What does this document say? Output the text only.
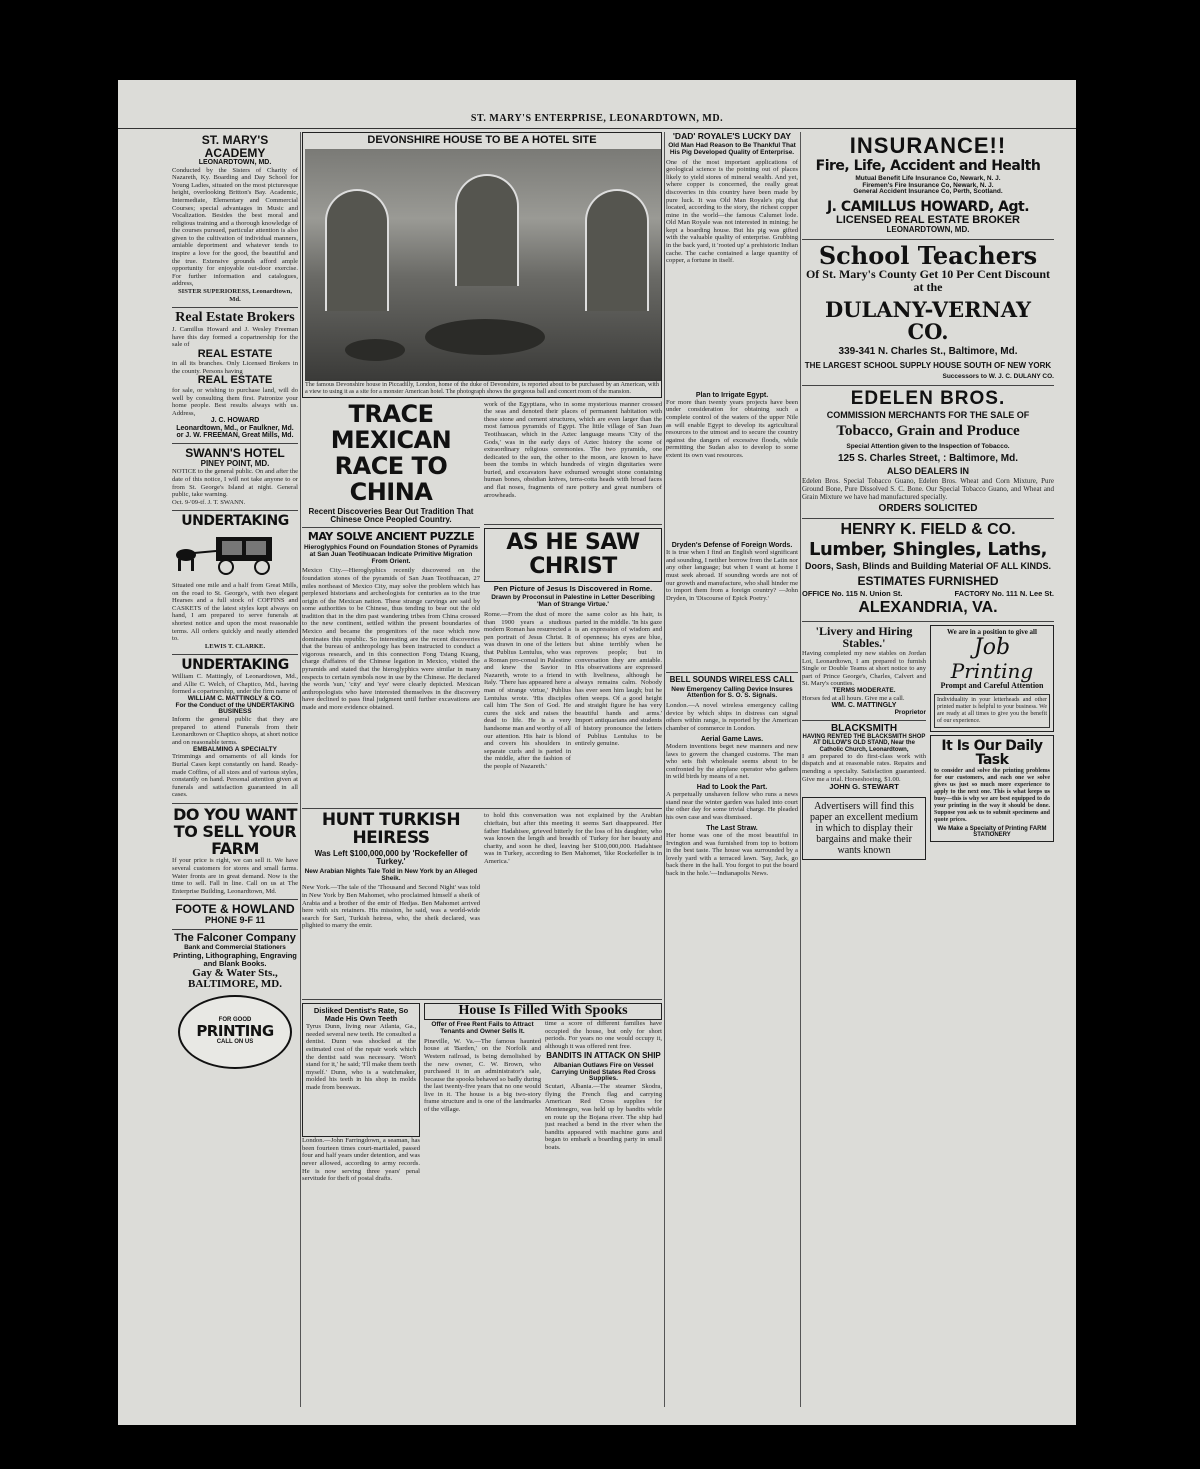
ST. MARY'S ENTERPRISE, LEONARDTOWN, MD.
ST. MARY'S ACADEMY
LEONARDTOWN, MD.
Conducted by the Sisters of Charity of Nazareth, Ky. Boarding and Day School for Young Ladies, situated on the most picturesque height, overlooking Britton's Bay. Academic, Intermediate, Elementary and Commercial Courses; special advantages in Music and Vocalization. Besides the best moral and religious training and a thorough knowledge of the courses pursued, particular attention is also given to the cultivation of individual manners, amiable deportment and whatever tends to inspire a love for the good, the beautiful and the true. Extensive grounds afford ample opportunity for enjoyable out-door exercise. For further information and catalogues, address,
SISTER SUPERIORESS, Leonardtown, Md.
Real Estate Brokers
J. Camillus Howard and J. Wesley Freeman have this day formed a copartnership for the sale of
REAL ESTATE
in all its branches. Only Licensed Brokers in the county. Persons having
REAL ESTATE
for sale, or wishing to purchase land, will do well by consulting them first. Patronize your home people. Best results always with us. Address,
J. C. HOWARD
Leonardtown, Md., or Faulkner, Md. or J. W. FREEMAN, Great Mills, Md.
SWANN'S HOTEL
PINEY POINT, MD.
NOTICE to the general public. On and after the date of this notice, I will not take anyone to or from St. George's Island at night. General public, take warning.
Oct. 9-'09-tf. J. T. SWANN.
UNDERTAKING
Situated one mile and a half from Great Mills, on the road to St. George's, with two elegant Hearses and a full stock of COFFINS and CASKETS of the latest styles kept always on hand, I am prepared to serve funerals at shortest notice and upon the most reasonable terms. All orders quickly and neatly attended to.
LEWIS T. CLARKE.
UNDERTAKING
William C. Mattingly, of Leonardtown, Md., and Allie C. Welch, of Chaptico, Md., having formed a copartnership, under the firm name of
WILLIAM C. MATTINGLY & CO.
For the Conduct of the UNDERTAKING BUSINESS
Inform the general public that they are prepared to attend Funerals from their Leonardtown or Chaptico shops, at short notice and on reasonable terms.
EMBALMING A SPECIALTY
Trimmings and ornaments of all kinds for Burial Cases kept constantly on hand. Ready-made Coffins, of all sizes and of various styles, constantly on hand. Personal attention given at funerals and satisfaction guaranteed in all cases.
DO YOU WANT TO SELL YOUR FARM
If your price is right, we can sell it. We have several customers for stores and small farms. Water fronts are in great demand. Now is the time to sell. Fall in line. Call on us at The Enterprise Building, Leonardtown, Md.
FOOTE & HOWLAND
PHONE 9-F 11
The Falconer Company
Bank and Commercial Stationers
Printing, Lithographing, Engraving and Blank Books.
Gay & Water Sts., BALTIMORE, MD.
FOR GOOD
PRINTING
CALL ON US
DEVONSHIRE HOUSE TO BE A HOTEL SITE
The famous Devonshire house in Piccadilly, London, home of the duke of Devonshire, is reported about to be purchased by an American, with a view to using it as a site for a monster American hotel. The photograph shows the gorgeous ball and concert room of the mansion.
TRACE MEXICAN RACE TO CHINA
Recent Discoveries Bear Out Tradition That Chinese Once Peopled Country.
MAY SOLVE ANCIENT PUZZLE
Hieroglyphics Found on Foundation Stones of Pyramids at San Juan Teotihuacan Indicate Primitive Migration From Orient.
Mexico City.—Hieroglyphics recently discovered on the foundation stones of the pyramids of San Juan Teotihuacan, 27 miles northeast of Mexico City, may solve the problem which has perplexed historians and archeologists for centuries as to the true origin of the Mexican nation. These strange carvings are said by some authorities to be Chinese, thus tending to bear out the old tradition that in the dim past wandering tribes from China crossed to the new continent, settled within the present boundaries of Mexico and became the progenitors of the race which now dominates this republic. So interesting are the recent discoveries that the bureau of anthropology has been instructed to conduct a vigorous research, and in this connection Fong Tsiang Kuang, charge d'affaires of the Chinese legation in Mexico, visited the pyramids and stated that the hieroglyphics were similar in many respects to certain symbols now in use by the Chinese. He declared the words 'sun,' 'city' and 'eye' were clearly depicted. Mexican anthropologists who have interested themselves in the discovery have declined to pass final judgment until further excavations are made and more evidence obtained.
work of the Egyptians, who in some mysterious manner crossed the seas and denoted their places of permanent habitation with these stone and cement structures, which are even larger than the most famous pyramids of Egypt. The little village of San Juan Teotihuacan, which in the Aztec language means 'City of the Gods,' was in the early days of Aztec history the scene of extraordinary religious ceremonies. The two pyramids, one dedicated to the sun, the other to the moon, are known to have been the tombs in which hundreds of virgin dignitaries were buried, and excavators have exhumed wrought stone containing human bones, obsidian knives, terra-cotta heads with broad faces and flat noses, fragments of rare pottery and great numbers of arrowheads.
AS HE SAW CHRIST
Pen Picture of Jesus Is Discovered in Rome.
Drawn by Proconsul in Palestine in Letter Describing 'Man of Strange Virtue.'
Rome.—From the dust of more than 1900 years a studious modern Roman has resurrected a pen portrait of Jesus Christ. It was drawn in one of the letters that Publius Lentulus, who was a Roman pro-consul in Palestine and knew the Savior in Nazareth, wrote to a friend in Italy. 'There has appeared here a man of strange virtue,' Publius Lentulus wrote. 'His disciples call him The Son of God. He cures the sick and raises the dead to life. He is a very handsome man and worthy of all our attention. His hair is blond and covers his shoulders in separate curls and is parted in the middle, after the fashion of the people of Nazareth.'
the same color as his hair, is parted in the middle. 'In his gaze is an expression of wisdom and of openness; his eyes are blue, but shine terribly when he reproves people; but in conversation they are amiable. His observations are expressed with liveliness, although he always remains calm. Nobody has ever seen him laugh; but he often weeps. Of a good height and straight figure he has very beautiful hands and arms.' Import antiquarians and students of history pronounce the letters of Publius Lentulus to be entirely genuine.
HUNT TURKISH HEIRESS
Was Left $100,000,000 by 'Rockefeller of Turkey.'
New Arabian Nights Tale Told in New York by an Alleged Sheik.
New York.—The tale of the 'Thousand and Second Night' was told in New York by Ben Mahomet, who proclaimed himself a sheik of Arabia and a brother of the emir of Hedjas. Ben Mahomet arrived here with six retainers. His mission, he said, was a world-wide search for Sari, Turkish heiress, who, the sheik declared, was plighted to marry the emir.
to hold this conversation was not explained by the Arabian chieftain, but after this meeting it seems Sari disappeared. Her father Hadahisee, grieved bitterly for the loss of his daughter, who was known the length and breadth of Turkey for her beauty and charity, and soon he died, leaving her $100,000,000. Hadahisee was in Turkey, according to Ben Mahomet, 'like Rockefeller is in America.'
Disliked Dentist's Rate, So Made His Own Teeth
Tyrus Dunn, living near Atlanta, Ga., needed several new teeth. He consulted a dentist. Dunn was shocked at the estimated cost of the repair work which the dentist said was necessary. 'Won't stand for it,' he said; 'I'll make them teeth myself.' Dunn, who is a watchmaker, molded his teeth in his shop in molds made from beeswax.
London.—John Farringdown, a seaman, has been fourteen times court-martialed, passed four and half years under detention, and was never allowed, according to army records. He is now serving three years' penal servitude for theft of postal drafts.
House Is Filled With Spooks
Offer of Free Rent Fails to Attract Tenants and Owner Sells It.
Pineville, W. Va.—The famous haunted house at 'Barden,' on the Norfolk and Western railroad, is being demolished by the new owner, C. W. Brown, who purchased it in an administrator's sale, because the spooks behaved so badly during the last twenty-five years that no one would live in it. The house is a big two-story frame structure and is one of the landmarks of the village.
time a score of different families have occupied the house, but only for short periods. For years no one would occupy it, although it was offered rent free.
BANDITS IN ATTACK ON SHIP
Albanian Outlaws Fire on Vessel Carrying United States Red Cross Supplies.
Scutari, Albania.—The steamer Skodra, flying the French flag and carrying American Red Cross supplies for Montenegro, was held up by bandits while en route up the Bojana river. The ship had just reached a bend in the river when the bandits appeared with machine guns and began to embark a boarding party in small boats.
'DAD' ROYALE'S LUCKY DAY
Old Man Had Reason to Be Thankful That His Pig Developed Quality of Enterprise.
One of the most important applications of geological science is the pointing out of places likely to yield stores of mineral wealth. And yet, where copper is concerned, the really great discoveries in this country have been made by pure luck. It was Old Man Royale's pig that located, according to the story, the richest copper mine in the world—the famous Calumet lode. Old Man Royale was not interested in mining; he kept a boarding house. But his pig was gifted with the valuable quality of enterprise. Grubbing in the back yard, it 'rooted up' a prehistoric Indian cache. The cache contained a large quantity of copper, a fortune in itself.
Plan to Irrigate Egypt.
For more than twenty years projects have been under consideration for obtaining such a complete control of the waters of the upper Nile as will enable Egypt to develop its agricultural resources to the utmost and to secure the country against the dangers of excessive floods, while permitting the Sudan also to develop to some extent its own vast resources.
Dryden's Defense of Foreign Words.
It is true when I find an English word significant and sounding, I neither borrow from the Latin nor any other language; but when I want at home I must seek abroad. If sounding words are not of our growth and manufacture, who shall hinder me to import them from a foreign country? —John Dryden, in 'Discourse of Epick Poetry.'
BELL SOUNDS WIRELESS CALL
New Emergency Calling Device Insures Attention for S. O. S. Signals.
London.—A novel wireless emergency calling device by which ships in distress can signal others within range, is reported by the American chamber of commerce in London.
Aerial Game Laws.
Modern inventions beget new manners and new laws to govern the changed customs. The man who sets fish wholesale seems about to be confronted by the airplane operator who gathers in wild birds by means of a net.
Had to Look the Part.
A perpetually unshaven fellow who runs a news stand near the winter garden was haled into court the other day for some trivial charge. He pleaded his own case and was dismissed.
The Last Straw.
Her home was one of the most beautiful in Irvington and was furnished from top to bottom in the best taste. The house was surrounded by a lovely yard with a terraced lawn. 'Say, Jack, go back there in the hall. You forgot to put the board back in the hole.'—Indianapolis News.
INSURANCE!!
Fire, Life, Accident and Health
Mutual Benefit Life Insurance Co, Newark, N. J.
Firemen's Fire Insurance Co, Newark, N. J.
General Accident Insurance Co, Perth, Scotland.
J. CAMILLUS HOWARD, Agt.
LICENSED REAL ESTATE BROKER
LEONARDTOWN, MD.
School Teachers
Of St. Mary's County Get 10 Per Cent Discount at the
DULANY-VERNAY CO.
339-341 N. Charles St., Baltimore, Md.
THE LARGEST SCHOOL SUPPLY HOUSE SOUTH OF NEW YORK
Successors to W. J. C. DULANY CO.
EDELEN BROS.
COMMISSION MERCHANTS FOR THE SALE OF
Tobacco, Grain and Produce
Special Attention given to the Inspection of Tobacco.
125 S. Charles Street, : Baltimore, Md.
ALSO DEALERS IN
Edelen Bros. Special Tobacco Guano, Edelen Bros. Wheat and Corn Mixture, Pure Ground Bone, Pure Dissolved S. C. Bone. Our Special Tobacco Guano, and Wheat and Grain Mixture we have had manufactured specially.
ORDERS SOLICITED
HENRY K. FIELD & CO.
Lumber, Shingles, Laths,
Doors, Sash, Blinds and Building Material OF ALL KINDS.
ESTIMATES FURNISHED
OFFICE No. 115 N. Union St.	FACTORY No. 111 N. Lee St.
ALEXANDRIA, VA.
'Livery and Hiring Stables.'
Having completed my new stables on Jordan Lot, Leonardtown, I am prepared to furnish Single or Double Teams at short notice to any part of Prince George's, Charles, Calvert and St. Mary's counties.
TERMS MODERATE.
Horses fed at all hours. Give me a call.
WM. C. MATTINGLY
Proprietor
BLACKSMITH
HAVING RENTED THE BLACKSMITH SHOP AT DILLOW'S OLD STAND, Near the Catholic Church, Leonardtown,
I am prepared to do first-class work with dispatch and at reasonable rates. Repairs and mending a specialty. Satisfaction guaranteed. Give me a trial. Horseshoeing, $1.00.
JOHN G. STEWART
Advertisers will find this paper an excellent medium in which to display their bargains and make their wants known
We are in a position to give all
Job
Printing
Prompt and Careful Attention
Individuality in your letterheads and other printed matter is helpful to your business. We are ready at all times to give you the benefit of our experience.
It Is Our Daily Task
to consider and solve the printing problems for our customers, and each one we solve gives us just so much more experience to apply to the next one. This is what keeps us busy—this is why we are best equipped to do your printing in the way it should be done. Suppose you ask us to submit specimens and quote prices.
We Make a Specialty of Printing FARM STATIONERY
